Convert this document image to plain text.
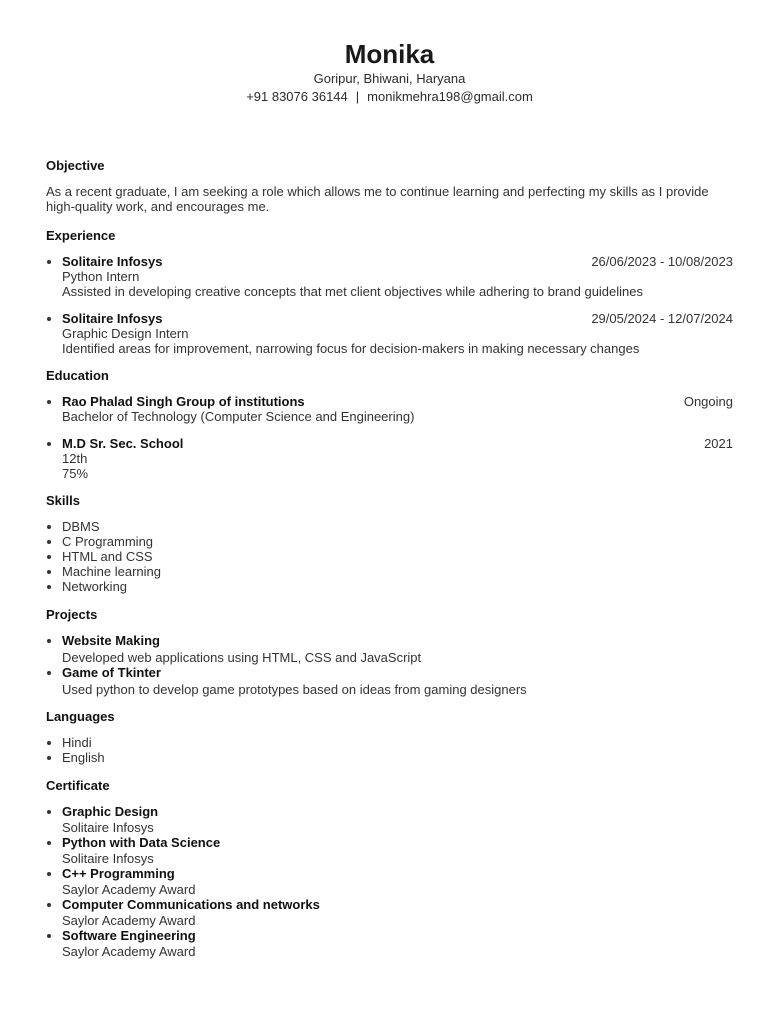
Monika
Goripur, Bhiwani, Haryana
+91 83076 36144 | monikmehra198@gmail.com
Objective
As a recent graduate, I am seeking a role which allows me to continue learning and perfecting my skills as I provide high-quality work, and encourages me.
Experience
• Solitaire Infosys	26/06/2023 - 10/08/2023
Python Intern
Assisted in developing creative concepts that met client objectives while adhering to brand guidelines
• Solitaire Infosys	29/05/2024 - 12/07/2024
Graphic Design Intern
Identified areas for improvement, narrowing focus for decision-makers in making necessary changes
Education
• Rao Phalad Singh Group of institutions	Ongoing
Bachelor of Technology (Computer Science and Engineering)
• M.D Sr. Sec. School	2021
12th
75%
Skills
• DBMS
• C Programming
• HTML and CSS
• Machine learning
• Networking
Projects
• Website Making
Developed web applications using HTML, CSS and JavaScript
• Game of Tkinter
Used python to develop game prototypes based on ideas from gaming designers
Languages
• Hindi
• English
Certificate
• Graphic Design
Solitaire Infosys
• Python with Data Science
Solitaire Infosys
• C++ Programming
Saylor Academy Award
• Computer Communications and networks
Saylor Academy Award
• Software Engineering
Saylor Academy Award
